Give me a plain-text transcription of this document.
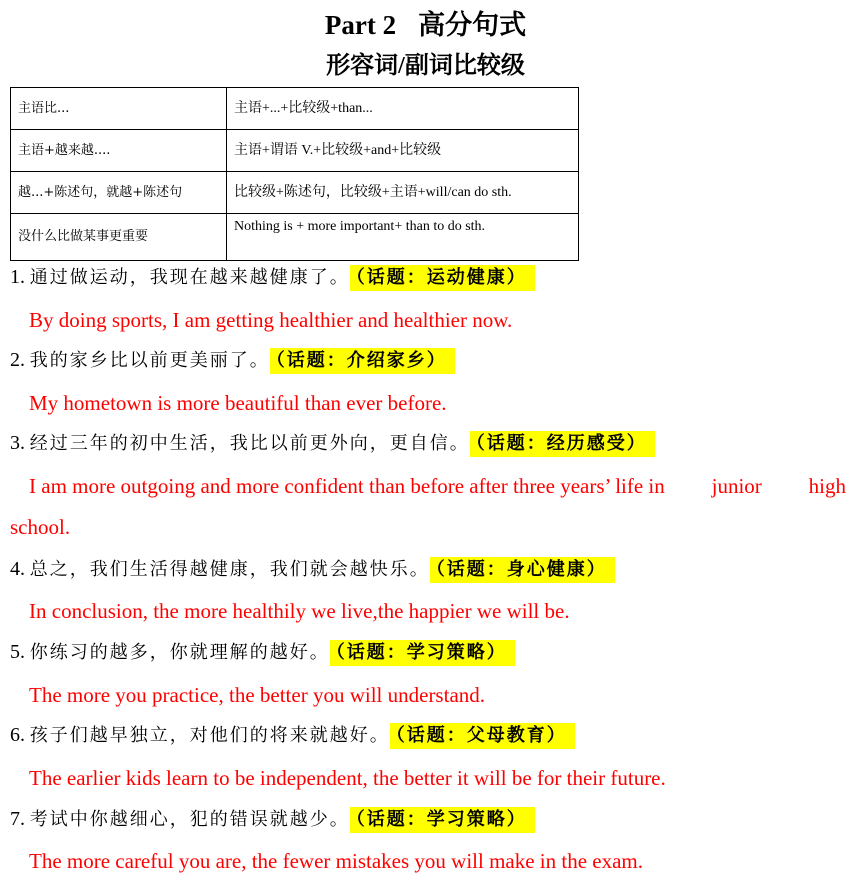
Part 2 高分句式
形容词/副词比较级
主语比...	主语+...+比较级+than...
主语+越来越....	主语+谓语 V.+比较级+and+比较级
越...+陈述句，就越+陈述句	比较级+陈述句，比较级+主语+will/can do sth.
没什么比做某事更重要	Nothing is + more important+ than to do sth.
1. 通过做运动，我现在越来越健康了。 （话题：运动健康）
By doing sports, I am getting healthier and healthier now.
2. 我的家乡比以前更美丽了。 （话题：介绍家乡）
My hometown is more beautiful than ever before.
3. 经过三年的初中生活，我比以前更外向，更自信。 （话题：经历感受）
I am more outgoing and more confident than before after three years’ life in junior high
school.
4. 总之，我们生活得越健康，我们就会越快乐。 （话题：身心健康）
In conclusion, the more healthily we live,the happier we will be.
5. 你练习的越多，你就理解的越好。 （话题：学习策略）
The more you practice, the better you will understand.
6. 孩子们越早独立，对他们的将来就越好。 （话题：父母教育）
The earlier kids learn to be independent, the better it will be for their future.
7. 考试中你越细心，犯的错误就越少。 （话题：学习策略）
The more careful you are, the fewer mistakes you will make in the exam.
